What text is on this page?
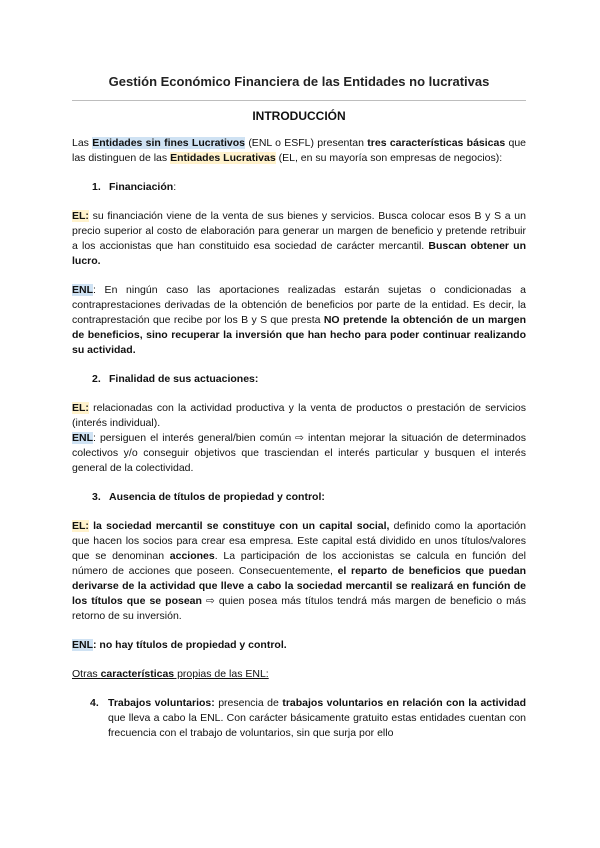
Gestión Económico Financiera de las Entidades no lucrativas
INTRODUCCIÓN

Las Entidades sin fines Lucrativos (ENL o ESFL) presentan tres características básicas que las distinguen de las Entidades Lucrativas (EL, en su mayoría son empresas de negocios):

1. Financiación:

EL: su financiación viene de la venta de sus bienes y servicios. Busca colocar esos B y S a un precio superior al costo de elaboración para generar un margen de beneficio y pretende retribuir a los accionistas que han constituido esa sociedad de carácter mercantil. Buscan obtener un lucro.

ENL: En ningún caso las aportaciones realizadas estarán sujetas o condicionadas a contraprestaciones derivadas de la obtención de beneficios por parte de la entidad. Es decir, la contraprestación que recibe por los B y S que presta NO pretende la obtención de un margen de beneficios, sino recuperar la inversión que han hecho para poder continuar realizando su actividad.

2. Finalidad de sus actuaciones:

EL: relacionadas con la actividad productiva y la venta de productos o prestación de servicios (interés individual).

ENL: persiguen el interés general/bien común ⇨ intentan mejorar la situación de determinados colectivos y/o conseguir objetivos que trasciendan el interés particular y busquen el interés general de la colectividad.

3. Ausencia de títulos de propiedad y control:

EL: la sociedad mercantil se constituye con un capital social, definido como la aportación que hacen los socios para crear esa empresa. Este capital está dividido en unos títulos/valores que se denominan acciones. La participación de los accionistas se calcula en función del número de acciones que poseen. Consecuentemente, el reparto de beneficios que puedan derivarse de la actividad que lleve a cabo la sociedad mercantil se realizará en función de los títulos que se posean ⇨ quien posea más títulos tendrá más margen de beneficio o más retorno de su inversión.

ENL: no hay títulos de propiedad y control.

Otras características propias de las ENL:

4. Trabajos voluntarios: presencia de trabajos voluntarios en relación con la actividad que lleva a cabo la ENL. Con carácter básicamente gratuito estas entidades cuentan con frecuencia con el trabajo de voluntarios, sin que surja por ello
